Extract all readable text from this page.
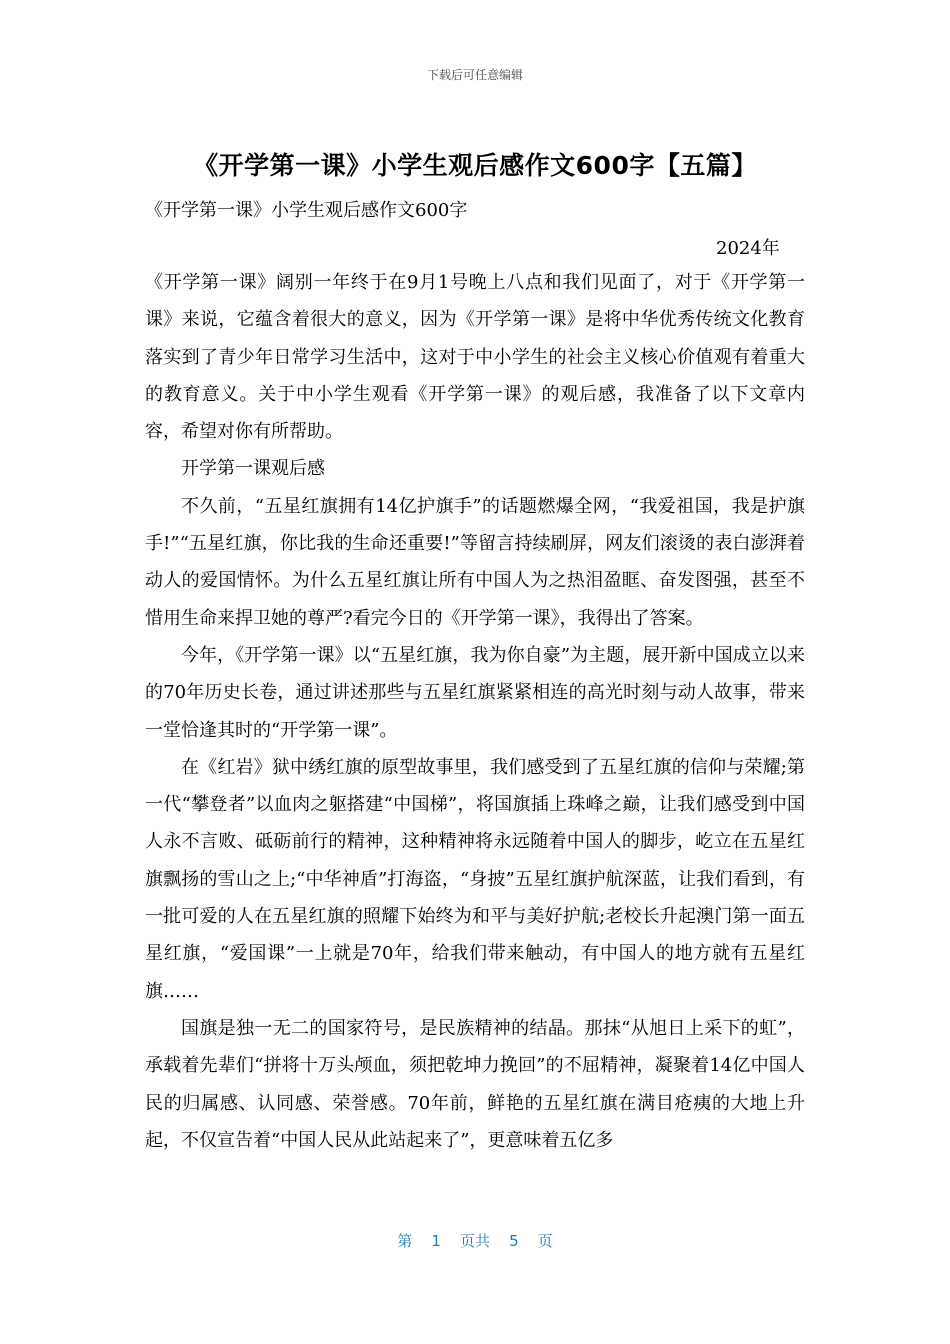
下载后可任意编辑
《开学第一课》小学生观后感作文600字【五篇】
《开学第一课》小学生观后感作文600字
2024年

《开学第一课》阔别一年终于在9月1号晚上八点和我们见面了，对于《开学第一课》来说，它蕴含着很大的意义，因为《开学第一课》是将中华优秀传统文化教育落实到了青少年日常学习生活中，这对于中小学生的社会主义核心价值观有着重大的教育意义。关于中小学生观看《开学第一课》的观后感，我准备了以下文章内容，希望对你有所帮助。

开学第一课观后感

不久前，“五星红旗拥有14亿护旗手”的话题燃爆全网，“我爱祖国，我是护旗手!”“五星红旗，你比我的生命还重要!”等留言持续刷屏，网友们滚烫的表白澎湃着动人的爱国情怀。为什么五星红旗让所有中国人为之热泪盈眶、奋发图强，甚至不惜用生命来捍卫她的尊严?看完今日的《开学第一课》，我得出了答案。

今年，《开学第一课》以“五星红旗，我为你自豪”为主题，展开新中国成立以来的70年历史长卷，通过讲述那些与五星红旗紧紧相连的高光时刻与动人故事，带来一堂恰逢其时的“开学第一课”。

在《红岩》狱中绣红旗的原型故事里，我们感受到了五星红旗的信仰与荣耀;第一代“攀登者”以血肉之躯搭建“中国梯”，将国旗插上珠峰之巅，让我们感受到中国人永不言败、砥砺前行的精神，这种精神将永远随着中国人的脚步，屹立在五星红旗飘扬的雪山之上;“中华神盾”打海盗，“身披”五星红旗护航深蓝，让我们看到，有一批可爱的人在五星红旗的照耀下始终为和平与美好护航;老校长升起澳门第一面五星红旗，“爱国课”一上就是70年，给我们带来触动，有中国人的地方就有五星红旗……

国旗是独一无二的国家符号，是民族精神的结晶。那抹“从旭日上采下的虹”，承载着先辈们“拼将十万头颅血，须把乾坤力挽回”的不屈精神，凝聚着14亿中国人民的归属感、认同感、荣誉感。70年前，鲜艳的五星红旗在满目疮痍的大地上升起，不仅宣告着“中国人民从此站起来了”，更意味着五亿多

第 1 页共 5 页
